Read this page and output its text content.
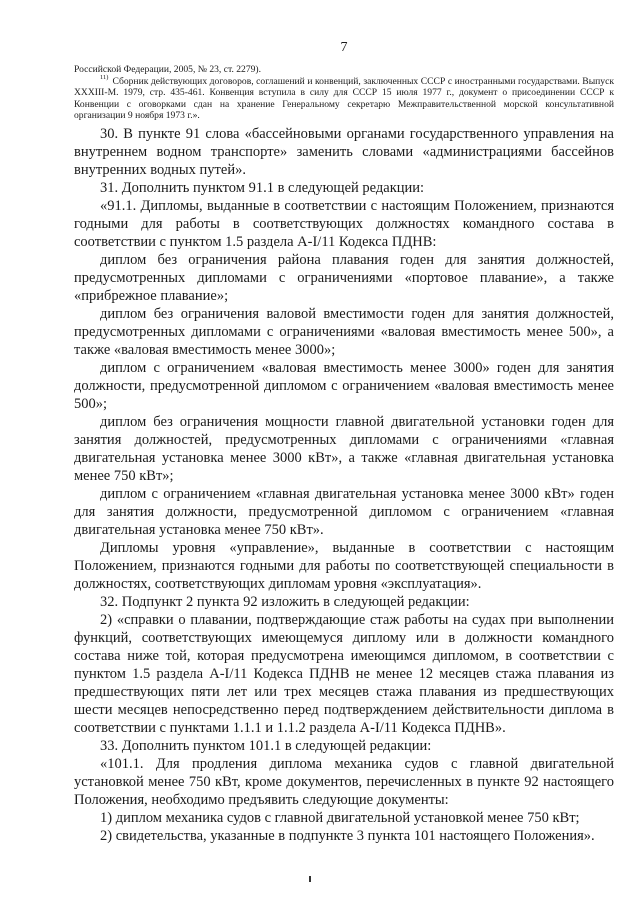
7

Российской Федерации, 2005, № 23, ст. 2279).

$^{11)}$ Сборник действующих договоров, соглашений и конвенций, заключенных СССР с иностранными государствами. Выпуск XXXIII-M. 1979, стр. 435-461. Конвенция вступила в силу для СССР 15 июля 1977 г., документ о присоединении СССР к Конвенции с оговорками сдан на хранение Генеральному секретарю Межправительственной морской консультативной организации 9 ноября 1973 г.».

30. В пункте 91 слова «бассейновыми органами государственного управления на внутреннем водном транспорте» заменить словами «администрациями бассейнов внутренних водных путей».

31. Дополнить пунктом 91.1 в следующей редакции:

«91.1. Дипломы, выданные в соответствии с настоящим Положением, признаются годными для работы в соответствующих должностях командного состава в соответствии с пунктом 1.5 раздела A-I/11 Кодекса ПДНВ:

диплом без ограничения района плавания годен для занятия должностей, предусмотренных дипломами с ограничениями «портовое плавание», а также «прибрежное плавание»;

диплом без ограничения валовой вместимости годен для занятия должностей, предусмотренных дипломами с ограничениями «валовая вместимость менее 500», а также «валовая вместимость менее 3000»;

диплом с ограничением «валовая вместимость менее 3000» годен для занятия должности, предусмотренной дипломом с ограничением «валовая вместимость менее 500»;

диплом без ограничения мощности главной двигательной установки годен для занятия должностей, предусмотренных дипломами с ограничениями «главная двигательная установка менее 3000 кВт», а также «главная двигательная установка менее 750 кВт»;

диплом с ограничением «главная двигательная установка менее 3000 кВт» годен для занятия должности, предусмотренной дипломом с ограничением «главная двигательная установка менее 750 кВт».

Дипломы уровня «управление», выданные в соответствии с настоящим Положением, признаются годными для работы по соответствующей специальности в должностях, соответствующих дипломам уровня «эксплуатация».

32. Подпункт 2 пункта 92 изложить в следующей редакции:

2) «справки о плавании, подтверждающие стаж работы на судах при выполнении функций, соответствующих имеющемуся диплому или в должности командного состава ниже той, которая предусмотрена имеющимся дипломом, в соответствии с пунктом 1.5 раздела A-I/11 Кодекса ПДНВ не менее 12 месяцев стажа плавания из предшествующих пяти лет или трех месяцев стажа плавания из предшествующих шести месяцев непосредственно перед подтверждением действительности диплома в соответствии с пунктами 1.1.1 и 1.1.2 раздела A-I/11 Кодекса ПДНВ».

33. Дополнить пунктом 101.1 в следующей редакции:

«101.1. Для продления диплома механика судов с главной двигательной установкой менее 750 кВт, кроме документов, перечисленных в пункте 92 настоящего Положения, необходимо предъявить следующие документы:

1) диплом механика судов с главной двигательной установкой менее 750 кВт;

2) свидетельства, указанные в подпункте 3 пункта 101 настоящего Положения».
